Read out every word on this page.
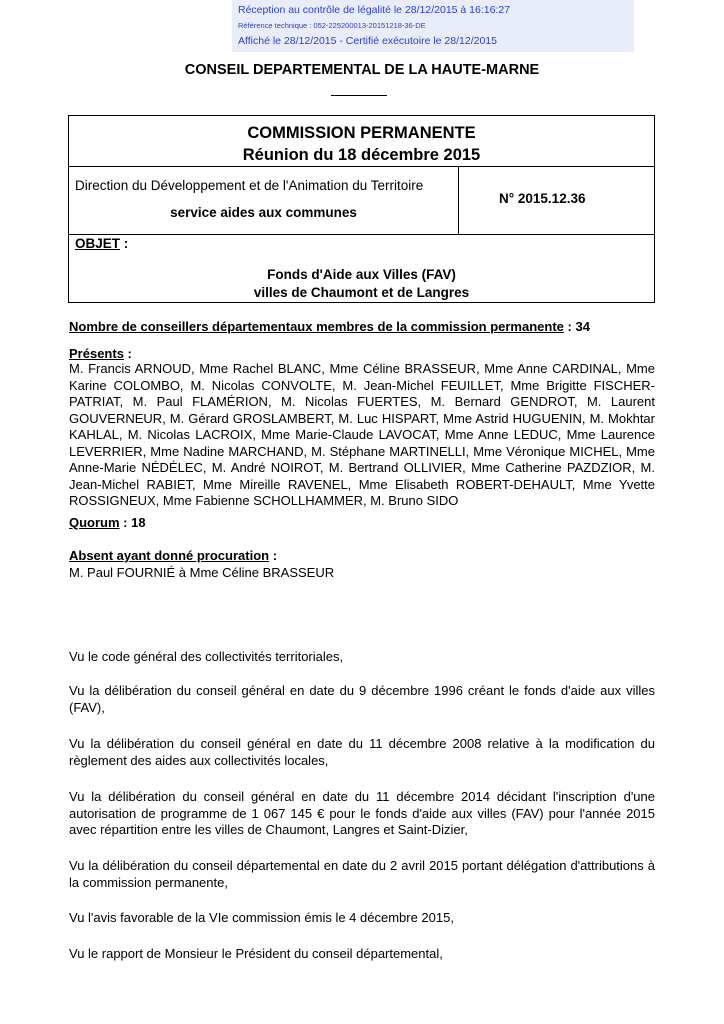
Réception au contrôle de légalité le 28/12/2015 à 16:16:27
Référence technique : 052-225200013-20151218-36-DE
Affiché le 28/12/2015 - Certifié exécutoire le 28/12/2015
CONSEIL DEPARTEMENTAL DE LA HAUTE-MARNE
COMMISSION PERMANENTE
Réunion du 18 décembre 2015
Direction du Développement et de l'Animation du Territoire
service aides aux communes
N° 2015.12.36
OBJET :
Fonds d'Aide aux Villes (FAV)
villes de Chaumont et de Langres
Nombre de conseillers départementaux membres de la commission permanente : 34
Présents :
M. Francis ARNOUD, Mme Rachel BLANC, Mme Céline BRASSEUR, Mme Anne CARDINAL, Mme Karine COLOMBO, M. Nicolas CONVOLTE, M. Jean-Michel FEUILLET, Mme Brigitte FISCHER-PATRIAT, M. Paul FLAMÉRION, M. Nicolas FUERTES, M. Bernard GENDROT, M. Laurent GOUVERNEUR, M. Gérard GROSLAMBERT, M. Luc HISPART, Mme Astrid HUGUENIN, M. Mokhtar KAHLAL, M. Nicolas LACROIX, Mme Marie-Claude LAVOCAT, Mme Anne LEDUC, Mme Laurence LEVERRIER, Mme Nadine MARCHAND, M. Stéphane MARTINELLI, Mme Véronique MICHEL, Mme Anne-Marie NÉDÉLEC, M. André NOIROT, M. Bertrand OLLIVIER, Mme Catherine PAZDZIOR, M. Jean-Michel RABIET, Mme Mireille RAVENEL, Mme Elisabeth ROBERT-DEHAULT, Mme Yvette ROSSIGNEUX, Mme Fabienne SCHOLLHAMMER, M. Bruno SIDO
Quorum : 18
Absent ayant donné procuration :
M. Paul FOURNIÉ à Mme Céline BRASSEUR
Vu le code général des collectivités territoriales,
Vu la délibération du conseil général en date du 9 décembre 1996 créant le fonds d'aide aux villes (FAV),
Vu la délibération du conseil général en date du 11 décembre 2008 relative à la modification du règlement des aides aux collectivités locales,
Vu la délibération du conseil général en date du 11 décembre 2014 décidant l'inscription d'une autorisation de programme de 1 067 145 € pour le fonds d'aide aux villes (FAV) pour l'année 2015 avec répartition entre les villes de Chaumont, Langres et Saint-Dizier,
Vu la délibération du conseil départemental en date du 2 avril 2015 portant délégation d'attributions à la commission permanente,
Vu l'avis favorable de la VIe commission émis le 4 décembre 2015,
Vu le rapport de Monsieur le Président du conseil départemental,
